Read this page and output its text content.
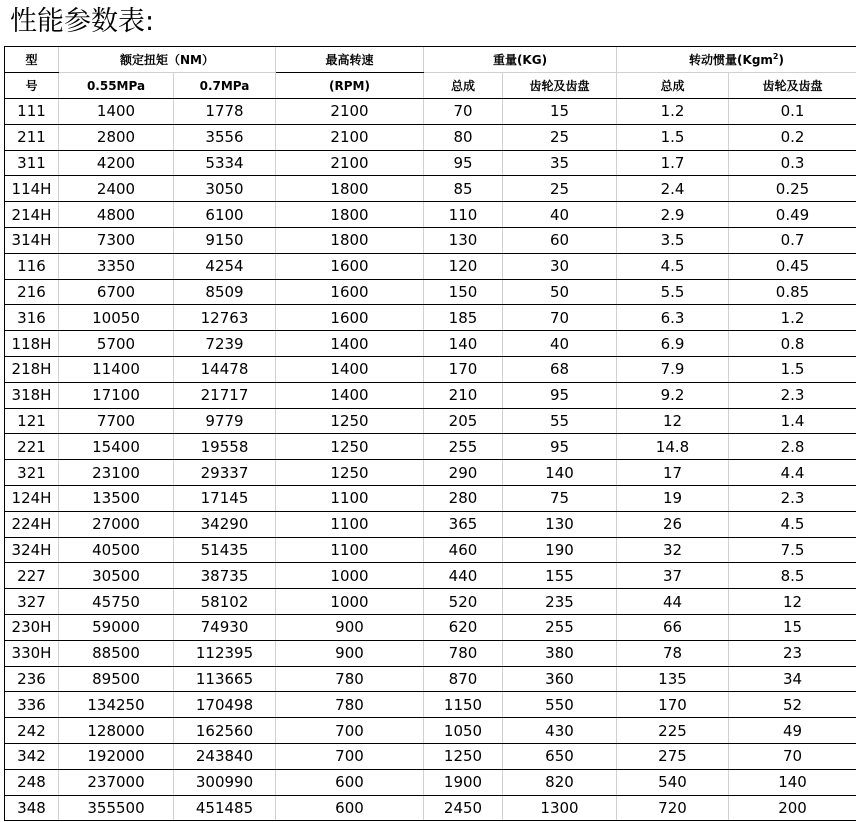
性能参数表:
型	额定扭矩（NM）		最高转速	重量(KG)		转动惯量(Kgm$^2$)	
号	0.55MPa	0.7MPa	(RPM)	总成	齿轮及齿盘	总成	齿轮及齿盘
111	1400	1778	2100	70	15	1.2	0.1
211	2800	3556	2100	80	25	1.5	0.2
311	4200	5334	2100	95	35	1.7	0.3
114H	2400	3050	1800	85	25	2.4	0.25
214H	4800	6100	1800	110	40	2.9	0.49
314H	7300	9150	1800	130	60	3.5	0.7
116	3350	4254	1600	120	30	4.5	0.45
216	6700	8509	1600	150	50	5.5	0.85
316	10050	12763	1600	185	70	6.3	1.2
118H	5700	7239	1400	140	40	6.9	0.8
218H	11400	14478	1400	170	68	7.9	1.5
318H	17100	21717	1400	210	95	9.2	2.3
121	7700	9779	1250	205	55	12	1.4
221	15400	19558	1250	255	95	14.8	2.8
321	23100	29337	1250	290	140	17	4.4
124H	13500	17145	1100	280	75	19	2.3
224H	27000	34290	1100	365	130	26	4.5
324H	40500	51435	1100	460	190	32	7.5
227	30500	38735	1000	440	155	37	8.5
327	45750	58102	1000	520	235	44	12
230H	59000	74930	900	620	255	66	15
330H	88500	112395	900	780	380	78	23
236	89500	113665	780	870	360	135	34
336	134250	170498	780	1150	550	170	52
242	128000	162560	700	1050	430	225	49
342	192000	243840	700	1250	650	275	70
248	237000	300990	600	1900	820	540	140
348	355500	451485	600	2450	1300	720	200
